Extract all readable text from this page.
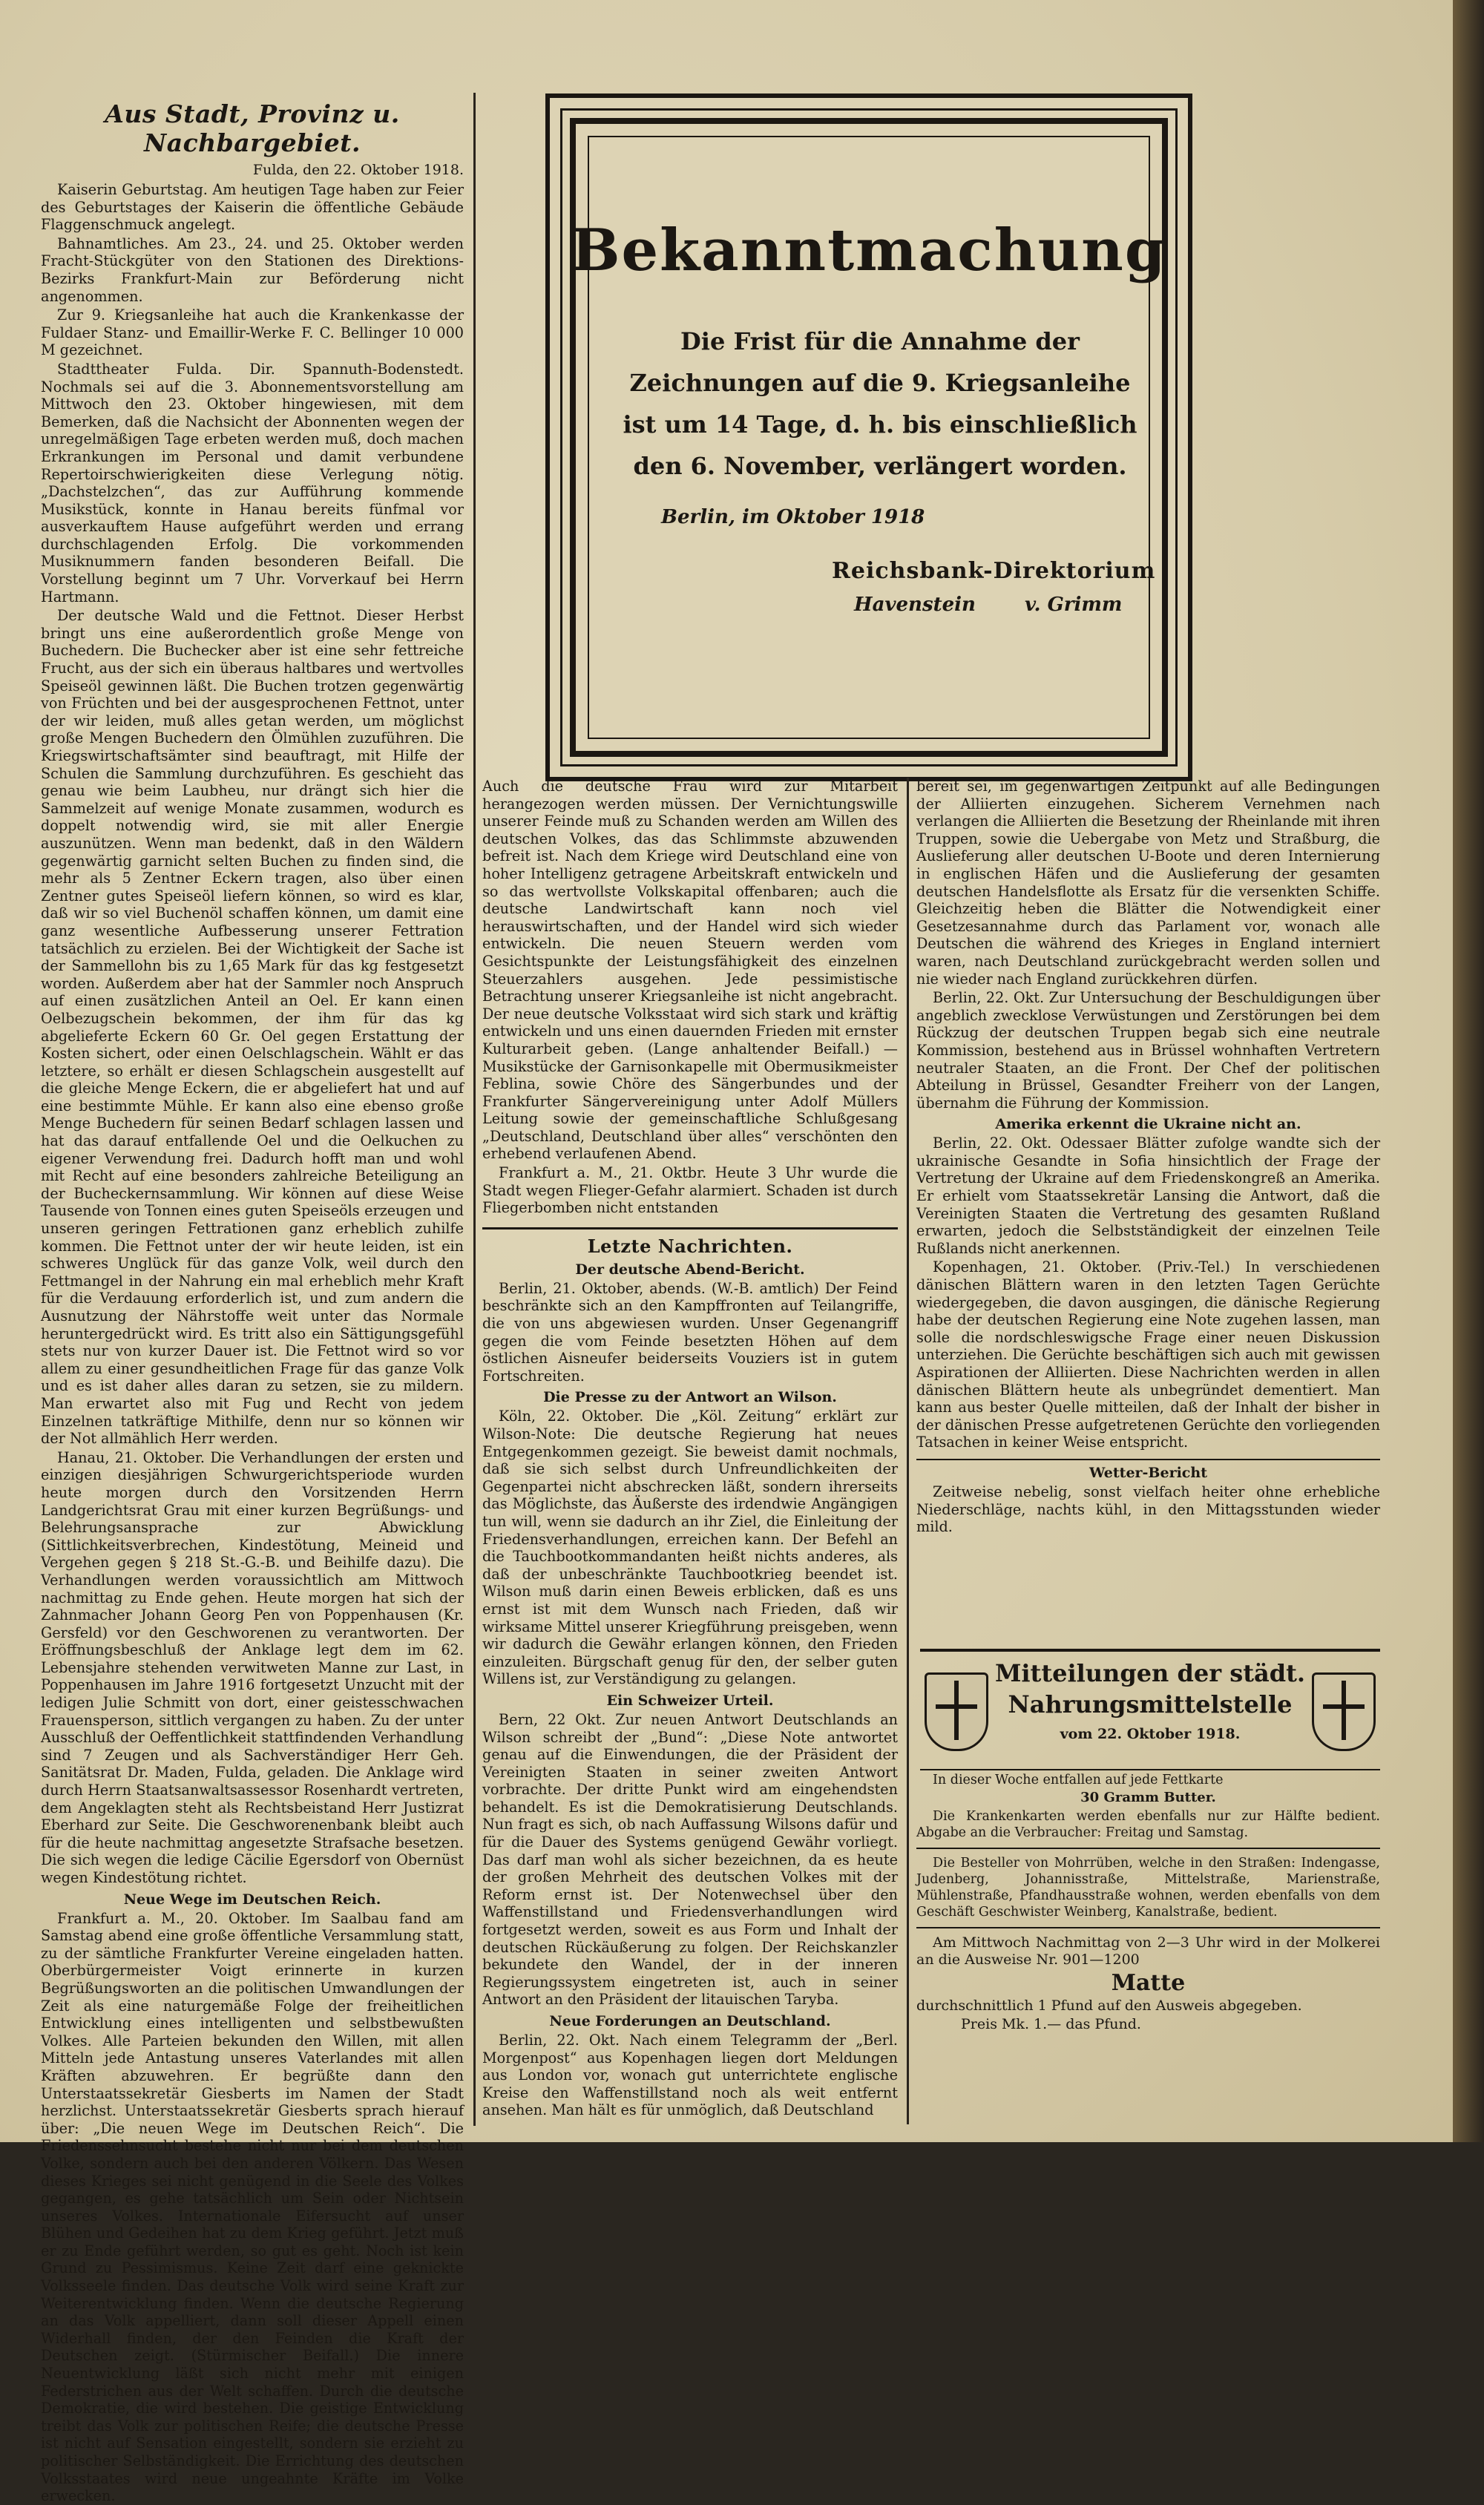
Aus Stadt, Provinz u. Nachbargebiet.
Fulda, den 22. Oktober 1918.

Kaiserin Geburtstag. Am heutigen Tage haben zur Feier des Geburtstages der Kaiserin die öffentliche Gebäude Flaggenschmuck angelegt.

Bahnamtliches. Am 23., 24. und 25. Oktober werden Fracht-Stückgüter von den Stationen des Direktions-Bezirks Frankfurt-Main zur Beförderung nicht angenommen.

Zur 9. Kriegsanleihe hat auch die Krankenkasse der Fuldaer Stanz- und Emaillir-Werke F. C. Bellinger 10 000 M gezeichnet.

Stadttheater Fulda. Dir. Spannuth-Bodenstedt. Nochmals sei auf die 3. Abonnementsvorstellung am Mittwoch den 23. Oktober hingewiesen, mit dem Bemerken, daß die Nachsicht der Abonnenten wegen der unregelmäßigen Tage erbeten werden muß, doch machen Erkrankungen im Personal und damit verbundene Repertoirschwierigkeiten diese Verlegung nötig. „Dachstelzchen“, das zur Aufführung kommende Musikstück, konnte in Hanau bereits fünfmal vor ausverkauftem Hause aufgeführt werden und errang durchschlagenden Erfolg. Die vorkommenden Musiknummern fanden besonderen Beifall. Die Vorstellung beginnt um 7 Uhr. Vorverkauf bei Herrn Hartmann.

Der deutsche Wald und die Fettnot. Dieser Herbst bringt uns eine außerordentlich große Menge von Buchedern. Die Buchecker aber ist eine sehr fettreiche Frucht, aus der sich ein überaus haltbares und wertvolles Speiseöl gewinnen läßt. Die Buchen trotzen gegenwärtig von Früchten und bei der ausgesprochenen Fettnot, unter der wir leiden, muß alles getan werden, um möglichst große Mengen Buchedern den Ölmühlen zuzuführen. Die Kriegswirtschaftsämter sind beauftragt, mit Hilfe der Schulen die Sammlung durchzuführen. Es geschieht das genau wie beim Laubheu, nur drängt sich hier die Sammelzeit auf wenige Monate zusammen, wodurch es doppelt notwendig wird, sie mit aller Energie auszunützen. Wenn man bedenkt, daß in den Wäldern gegenwärtig garnicht selten Buchen zu finden sind, die mehr als 5 Zentner Eckern tragen, also über einen Zentner gutes Speiseöl liefern können, so wird es klar, daß wir so viel Buchenöl schaffen können, um damit eine ganz wesentliche Aufbesserung unserer Fettration tatsächlich zu erzielen. Bei der Wichtigkeit der Sache ist der Sammellohn bis zu 1,65 Mark für das kg festgesetzt worden. Außerdem aber hat der Sammler noch Anspruch auf einen zusätzlichen Anteil an Oel. Er kann einen Oelbezugschein bekommen, der ihm für das kg abgelieferte Eckern 60 Gr. Oel gegen Erstattung der Kosten sichert, oder einen Oelschlagschein. Wählt er das letztere, so erhält er diesen Schlagschein ausgestellt auf die gleiche Menge Eckern, die er abgeliefert hat und auf eine bestimmte Mühle. Er kann also eine ebenso große Menge Buchedern für seinen Bedarf schlagen lassen und hat das darauf entfallende Oel und die Oelkuchen zu eigener Verwendung frei. Dadurch hofft man und wohl mit Recht auf eine besonders zahlreiche Beteiligung an der Bucheckernsammlung. Wir können auf diese Weise Tausende von Tonnen eines guten Speiseöls erzeugen und unseren geringen Fettrationen ganz erheblich zuhilfe kommen. Die Fettnot unter der wir heute leiden, ist ein schweres Unglück für das ganze Volk, weil durch den Fettmangel in der Nahrung ein mal erheblich mehr Kraft für die Verdauung erforderlich ist, und zum andern die Ausnutzung der Nährstoffe weit unter das Normale heruntergedrückt wird. Es tritt also ein Sättigungsgefühl stets nur von kurzer Dauer ist. Die Fettnot wird so vor allem zu einer gesundheitlichen Frage für das ganze Volk und es ist daher alles daran zu setzen, sie zu mildern. Man erwartet also mit Fug und Recht von jedem Einzelnen tatkräftige Mithilfe, denn nur so können wir der Not allmählich Herr werden.

Hanau, 21. Oktober. Die Verhandlungen der ersten und einzigen diesjährigen Schwurgerichtsperiode wurden heute morgen durch den Vorsitzenden Herrn Landgerichtsrat Grau mit einer kurzen Begrüßungs- und Belehrungsansprache zur Abwicklung (Sittlichkeitsverbrechen, Kindestötung, Meineid und Vergehen gegen § 218 St.-G.-B. und Beihilfe dazu). Die Verhandlungen werden voraussichtlich am Mittwoch nachmittag zu Ende gehen. Heute morgen hat sich der Zahnmacher Johann Georg Pen von Poppenhausen (Kr. Gersfeld) vor den Geschworenen zu verantworten. Der Eröffnungsbeschluß der Anklage legt dem im 62. Lebensjahre stehenden verwitweten Manne zur Last, in Poppenhausen im Jahre 1916 fortgesetzt Unzucht mit der ledigen Julie Schmitt von dort, einer geistesschwachen Frauensperson, sittlich vergangen zu haben. Zu der unter Ausschluß der Oeffentlichkeit stattfindenden Verhandlung sind 7 Zeugen und als Sachverständiger Herr Geh. Sanitätsrat Dr. Maden, Fulda, geladen. Die Anklage wird durch Herrn Staatsanwaltsassessor Rosenhardt vertreten, dem Angeklagten steht als Rechtsbeistand Herr Justizrat Eberhard zur Seite. Die Geschworenenbank bleibt auch für die heute nachmittag angesetzte Strafsache besetzen. Die sich wegen die ledige Cäcilie Egersdorf von Obernüst wegen Kindestötung richtet.

Neue Wege im Deutschen Reich.

Frankfurt a. M., 20. Oktober. Im Saalbau fand am Samstag abend eine große öffentliche Versammlung statt, zu der sämtliche Frankfurter Vereine eingeladen hatten. Oberbürgermeister Voigt erinnerte in kurzen Begrüßungsworten an die politischen Umwandlungen der Zeit als eine naturgemäße Folge der freiheitlichen Entwicklung eines intelligenten und selbstbewußten Volkes. Alle Parteien bekunden den Willen, mit allen Mitteln jede Antastung unseres Vaterlandes mit allen Kräften abzuwehren. Er begrüßte dann den Unterstaatssekretär Giesberts im Namen der Stadt herzlichst. Unterstaatssekretär Giesberts sprach hierauf über: „Die neuen Wege im Deutschen Reich“. Die Friedenssehnsucht bestehe nicht nur bei dem deutschen Volke, sondern auch bei den anderen Völkern. Das Wesen dieses Krieges sei nicht genügend in die Seele des Volkes gegangen, es gehe tatsächlich um Sein oder Nichtsein unseres Volkes. Internationale Eifersucht auf unser Blühen und Gedeihen hat zu dem Krieg geführt. Jetzt muß er zu Ende geführt werden, so gut es geht. Noch ist kein Grund zu Pessimismus. Keine Zeit darf eine geknickte Volksseele finden. Das deutsche Volk wird seine Kraft zur Weiterentwicklung finden. Wenn die deutsche Regierung an das Volk appelliert, dann soll dieser Appell einen Widerhall finden, der den Feinden die Kraft der Deutschen zeigt. (Stürmischer Beifall.) Die innere Neuentwicklung läßt sich nicht mehr mit einigen Federstrichen aus der Welt schaffen. Durch die deutsche Demokratie, die wird bestehen. Die geistige Entwicklung treibt das Volk zur politischen Reife; die deutsche Presse ist nicht auf Sensation eingestellt, sondern sie erzieht zu politischer Selbständigkeit. Die Errichtung des deutschen Volksstaates wird neue ungeahnte Kräfte im Volke erwecken.

Bekanntmachung
Die Frist für die Annahme der Zeichnungen auf die 9. Kriegsanleihe ist um 14 Tage, d. h. bis einschließlich den 6. November, verlängert worden.
Berlin, im Oktober 1918
Reichsbank-Direktorium
Havenstein	v. Grimm

Auch die deutsche Frau wird zur Mitarbeit herangezogen werden müssen. Der Vernichtungswille unserer Feinde muß zu Schanden werden am Willen des deutschen Volkes, das das Schlimmste abzuwenden befreit ist. Nach dem Kriege wird Deutschland eine von hoher Intelligenz getragene Arbeitskraft entwickeln und so das wertvollste Volkskapital offenbaren; auch die deutsche Landwirtschaft kann noch viel herauswirtschaften, und der Handel wird sich wieder entwickeln. Die neuen Steuern werden vom Gesichtspunkte der Leistungsfähigkeit des einzelnen Steuerzahlers ausgehen. Jede pessimistische Betrachtung unserer Kriegsanleihe ist nicht angebracht. Der neue deutsche Volksstaat wird sich stark und kräftig entwickeln und uns einen dauernden Frieden mit ernster Kulturarbeit geben. (Lange anhaltender Beifall.) — Musikstücke der Garnisonkapelle mit Obermusikmeister Feblina, sowie Chöre des Sängerbundes und der Frankfurter Sängervereinigung unter Adolf Müllers Leitung sowie der gemeinschaftliche Schlußgesang „Deutschland, Deutschland über alles“ verschönten den erhebend verlaufenen Abend.

Frankfurt a. M., 21. Oktbr. Heute 3 Uhr wurde die Stadt wegen Flieger-Gefahr alarmiert. Schaden ist durch Fliegerbomben nicht entstanden

Letzte Nachrichten.
Der deutsche Abend-Bericht.

Berlin, 21. Oktober, abends. (W.-B. amtlich) Der Feind beschränkte sich an den Kampffronten auf Teilangriffe, die von uns abgewiesen wurden. Unser Gegenangriff gegen die vom Feinde besetzten Höhen auf dem östlichen Aisneufer beiderseits Vouziers ist in gutem Fortschreiten.

Die Presse zu der Antwort an Wilson.

Köln, 22. Oktober. Die „Köl. Zeitung“ erklärt zur Wilson-Note: Die deutsche Regierung hat neues Entgegenkommen gezeigt. Sie beweist damit nochmals, daß sie sich selbst durch Unfreundlichkeiten der Gegenpartei nicht abschrecken läßt, sondern ihrerseits das Möglichste, das Äußerste des irdendwie Angängigen tun will, wenn sie dadurch an ihr Ziel, die Einleitung der Friedensverhandlungen, erreichen kann. Der Befehl an die Tauchbootkommandanten heißt nichts anderes, als daß der unbeschränkte Tauchbootkrieg beendet ist. Wilson muß darin einen Beweis erblicken, daß es uns ernst ist mit dem Wunsch nach Frieden, daß wir wirksame Mittel unserer Kriegführung preisgeben, wenn wir dadurch die Gewähr erlangen können, den Frieden einzuleiten. Bürgschaft genug für den, der selber guten Willens ist, zur Verständigung zu gelangen.

Ein Schweizer Urteil.

Bern, 22 Okt. Zur neuen Antwort Deutschlands an Wilson schreibt der „Bund“: „Diese Note antwortet genau auf die Einwendungen, die der Präsident der Vereinigten Staaten in seiner zweiten Antwort vorbrachte. Der dritte Punkt wird am eingehendsten behandelt. Es ist die Demokratisierung Deutschlands. Nun fragt es sich, ob nach Auffassung Wilsons dafür und für die Dauer des Systems genügend Gewähr vorliegt. Das darf man wohl als sicher bezeichnen, da es heute der großen Mehrheit des deutschen Volkes mit der Reform ernst ist. Der Notenwechsel über den Waffenstillstand und Friedensverhandlungen wird fortgesetzt werden, soweit es aus Form und Inhalt der deutschen Rückäußerung zu folgen. Der Reichskanzler bekundete den Wandel, der in der inneren Regierungssystem eingetreten ist, auch in seiner Antwort an den Präsident der litauischen Taryba.

Neue Forderungen an Deutschland.

Berlin, 22. Okt. Nach einem Telegramm der „Berl. Morgenpost“ aus Kopenhagen liegen dort Meldungen aus London vor, wonach gut unterrichtete englische Kreise den Waffenstillstand noch als weit entfernt ansehen. Man hält es für unmöglich, daß Deutschland

bereit sei, im gegenwärtigen Zeitpunkt auf alle Bedingungen der Alliierten einzugehen. Sicherem Vernehmen nach verlangen die Alliierten die Besetzung der Rheinlande mit ihren Truppen, sowie die Uebergabe von Metz und Straßburg, die Auslieferung aller deutschen U-Boote und deren Internierung in englischen Häfen und die Auslieferung der gesamten deutschen Handelsflotte als Ersatz für die versenkten Schiffe. Gleichzeitig heben die Blätter die Notwendigkeit einer Gesetzesannahme durch das Parlament vor, wonach alle Deutschen die während des Krieges in England interniert waren, nach Deutschland zurückgebracht werden sollen und nie wieder nach England zurückkehren dürfen.

Berlin, 22. Okt. Zur Untersuchung der Beschuldigungen über angeblich zwecklose Verwüstungen und Zerstörungen bei dem Rückzug der deutschen Truppen begab sich eine neutrale Kommission, bestehend aus in Brüssel wohnhaften Vertretern neutraler Staaten, an die Front. Der Chef der politischen Abteilung in Brüssel, Gesandter Freiherr von der Langen, übernahm die Führung der Kommission.

Amerika erkennt die Ukraine nicht an.

Berlin, 22. Okt. Odessaer Blätter zufolge wandte sich der ukrainische Gesandte in Sofia hinsichtlich der Frage der Vertretung der Ukraine auf dem Friedenskongreß an Amerika. Er erhielt vom Staatssekretär Lansing die Antwort, daß die Vereinigten Staaten die Vertretung des gesamten Rußland erwarten, jedoch die Selbstständigkeit der einzelnen Teile Rußlands nicht anerkennen.

Kopenhagen, 21. Oktober. (Priv.-Tel.) In verschiedenen dänischen Blättern waren in den letzten Tagen Gerüchte wiedergegeben, die davon ausgingen, die dänische Regierung habe der deutschen Regierung eine Note zugehen lassen, man solle die nordschleswigsche Frage einer neuen Diskussion unterziehen. Die Gerüchte beschäftigen sich auch mit gewissen Aspirationen der Alliierten. Diese Nachrichten werden in allen dänischen Blättern heute als unbegründet dementiert. Man kann aus bester Quelle mitteilen, daß der Inhalt der bisher in der dänischen Presse aufgetretenen Gerüchte den vorliegenden Tatsachen in keiner Weise entspricht.

Wetter-Bericht

Zeitweise nebelig, sonst vielfach heiter ohne erhebliche Niederschläge, nachts kühl, in den Mittagsstunden wieder mild.

Mitteilungen der städt.
Nahrungsmittelstelle
vom 22. Oktober 1918.

In dieser Woche entfallen auf jede Fettkarte

30 Gramm Butter.

Die Krankenkarten werden ebenfalls nur zur Hälfte bedient. Abgabe an die Verbraucher: Freitag und Samstag.

Die Besteller von Mohrrüben, welche in den Straßen: Indengasse, Judenberg, Johannisstraße, Mittelstraße, Marienstraße, Mühlenstraße, Pfandhausstraße wohnen, werden ebenfalls von dem Geschäft Geschwister Weinberg, Kanalstraße, bedient.

Am Mittwoch Nachmittag von 2—3 Uhr wird in der Molkerei an die Ausweise Nr. 901—1200

Matte

durchschnittlich 1 Pfund auf den Ausweis abgegeben.

Preis Mk. 1.— das Pfund.
